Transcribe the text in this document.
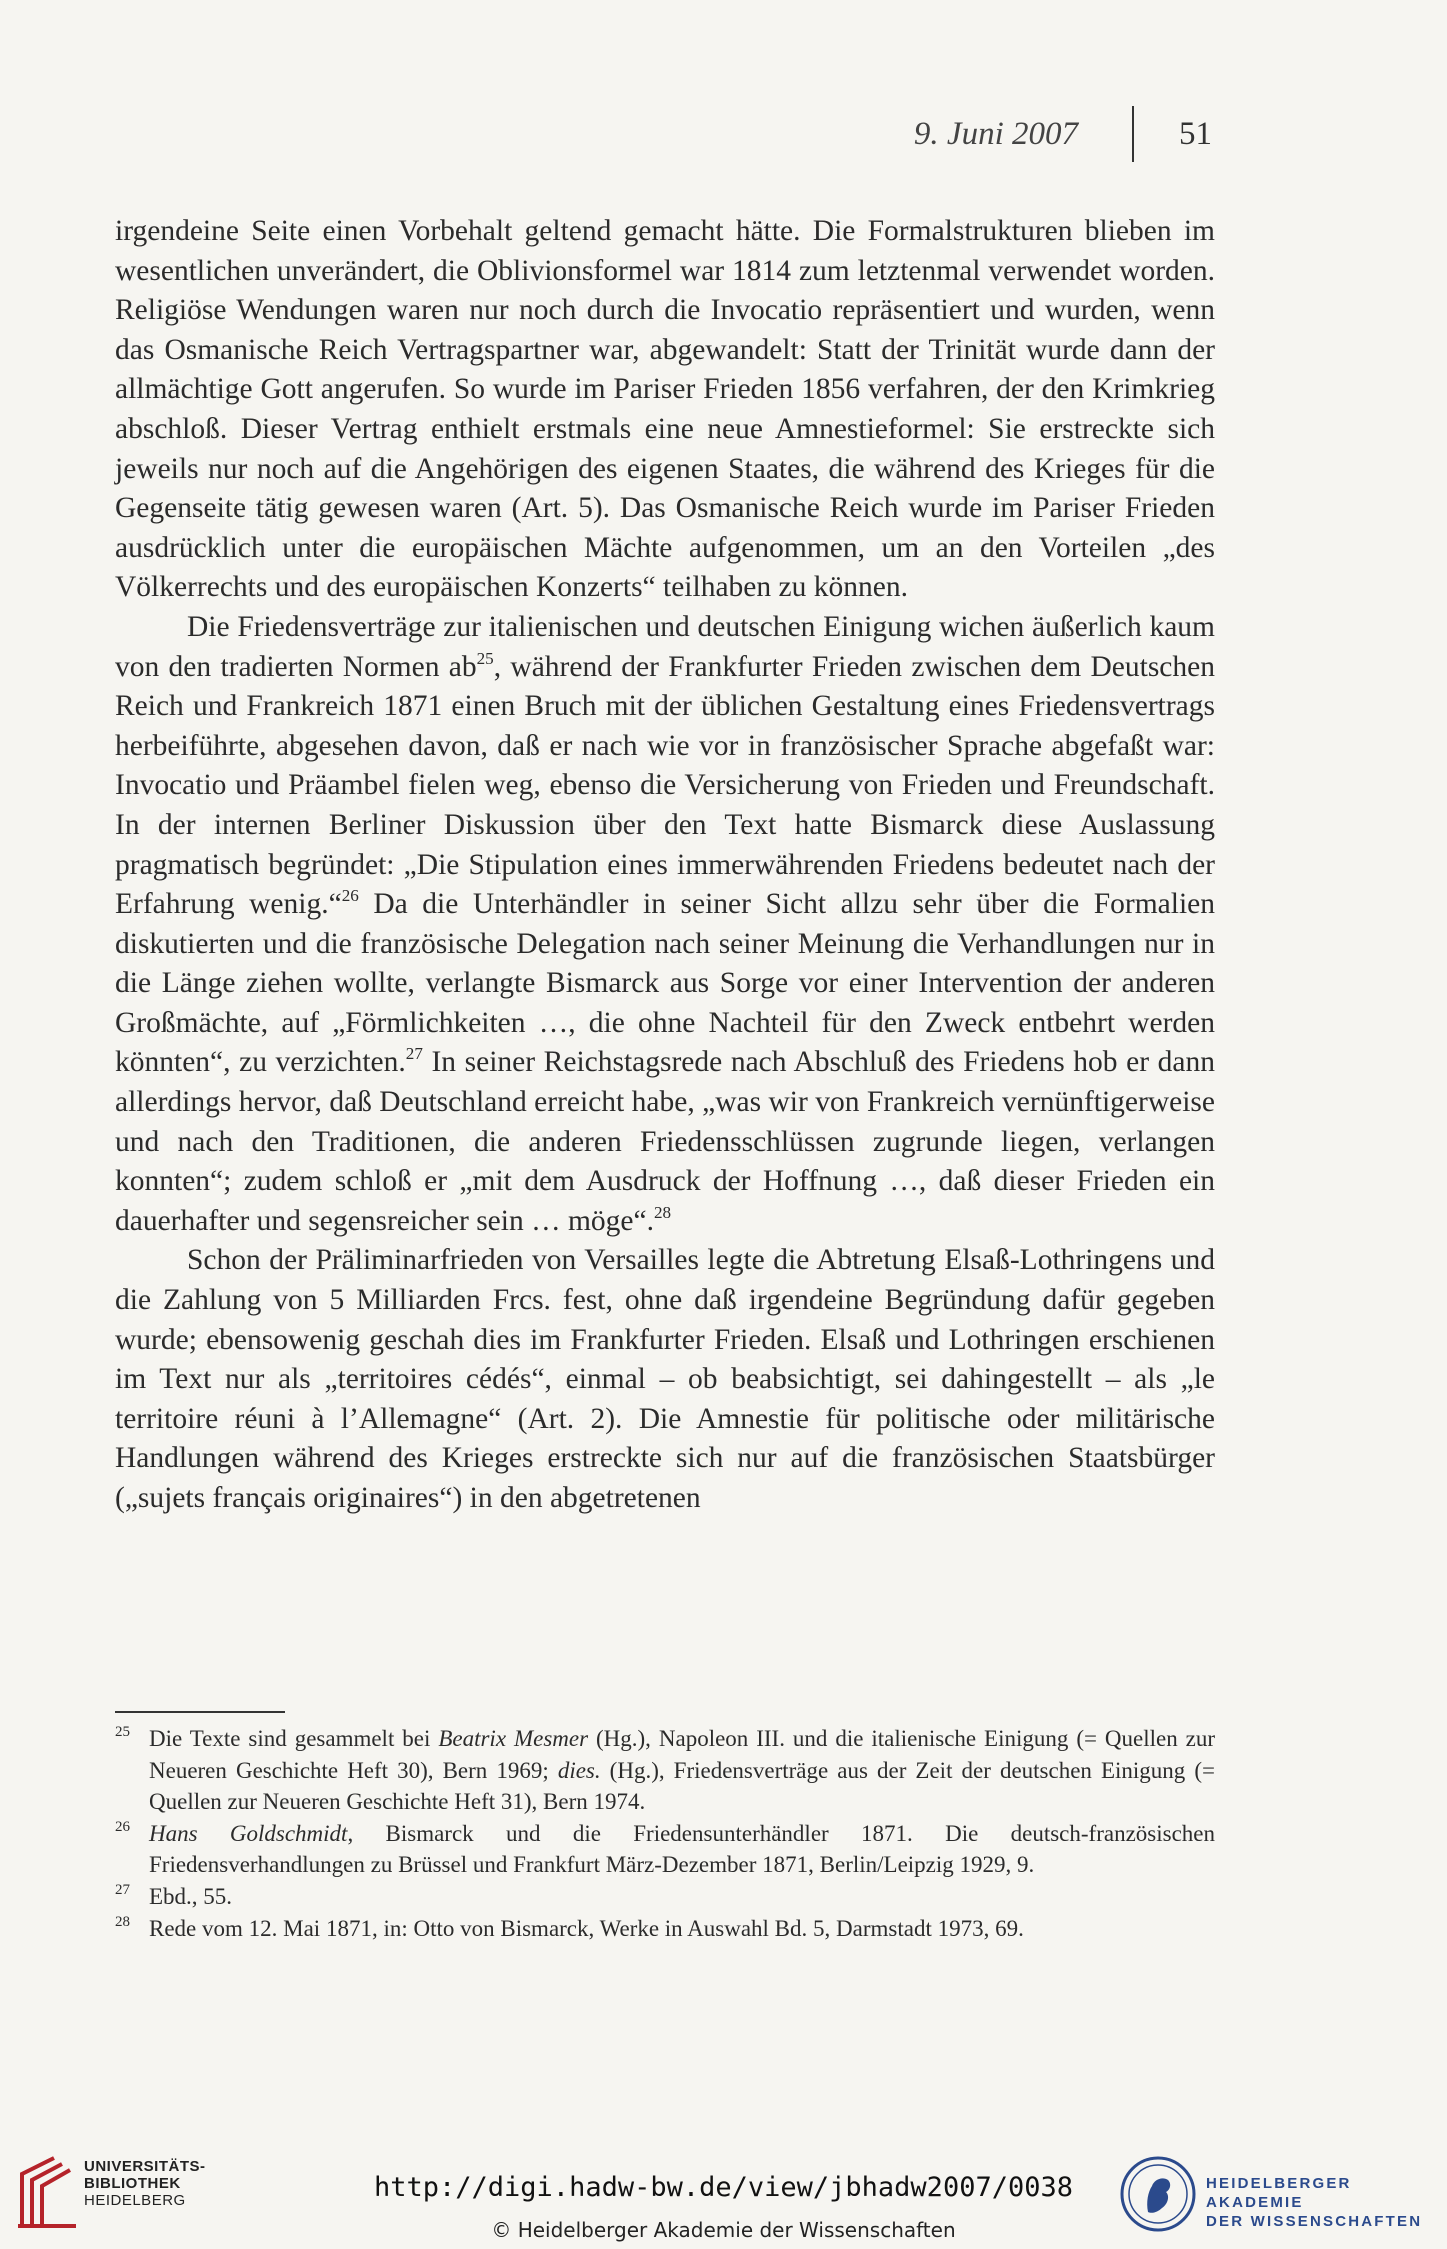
9. Juni 2007	51

irgendeine Seite einen Vorbehalt geltend gemacht hätte. Die Formalstrukturen blieben im wesentlichen unverändert, die Oblivionsformel war 1814 zum letztenmal verwendet worden. Religiöse Wendungen waren nur noch durch die Invocatio repräsentiert und wurden, wenn das Osmanische Reich Vertragspartner war, abgewandelt: Statt der Trinität wurde dann der allmächtige Gott angerufen. So wurde im Pariser Frieden 1856 verfahren, der den Krimkrieg abschloß. Dieser Vertrag enthielt erstmals eine neue Amnestieformel: Sie erstreckte sich jeweils nur noch auf die Angehörigen des eigenen Staates, die während des Krieges für die Gegenseite tätig gewesen waren (Art. 5). Das Osmanische Reich wurde im Pariser Frieden ausdrücklich unter die europäischen Mächte aufgenommen, um an den Vorteilen „des Völkerrechts und des europäischen Konzerts“ teilhaben zu können.

Die Friedensverträge zur italienischen und deutschen Einigung wichen äußerlich kaum von den tradierten Normen $ab^{25}$, während der Frankfurter Frieden zwischen dem Deutschen Reich und Frankreich 1871 einen Bruch mit der üblichen Gestaltung eines Friedensvertrags herbeiführte, abgesehen davon, daß er nach wie vor in französischer Sprache abgefaßt war: Invocatio und Präambel fielen weg, ebenso die Versicherung von Frieden und Freundschaft. In der internen Berliner Diskussion über den Text hatte Bismarck diese Auslassung pragmatisch begründet: „Die Stipulation eines immerwährenden Friedens bedeutet nach der Erfahrung wenig.“$^{26}$ Da die Unterhändler in seiner Sicht allzu sehr über die Formalien diskutierten und die französische Delegation nach seiner Meinung die Verhandlungen nur in die Länge ziehen wollte, verlangte Bismarck aus Sorge vor einer Intervention der anderen Großmächte, auf „Förmlichkeiten …, die ohne Nachteil für den Zweck entbehrt werden könnten“, zu verzichten.$^{27}$ In seiner Reichstagsrede nach Abschluß des Friedens hob er dann allerdings hervor, daß Deutschland erreicht habe, „was wir von Frankreich vernünftigerweise und nach den Traditionen, die anderen Friedensschlüssen zugrunde liegen, verlangen konnten“; zudem schloß er „mit dem Ausdruck der Hoffnung …, daß dieser Frieden ein dauerhafter und segensreicher sein … möge“.$^{28}$

Schon der Präliminarfrieden von Versailles legte die Abtretung Elsaß-Lothringens und die Zahlung von 5 Milliarden Frcs. fest, ohne daß irgendeine Begründung dafür gegeben wurde; ebensowenig geschah dies im Frankfurter Frieden. Elsaß und Lothringen erschienen im Text nur als „territoires cédés“, einmal – ob beabsichtigt, sei dahingestellt – als „le territoire réuni à l’Allemagne“ (Art. 2). Die Amnestie für politische oder militärische Handlungen während des Krieges erstreckte sich nur auf die französischen Staatsbürger („sujets français originaires“) in den abgetretenen

25 Die Texte sind gesammelt bei Beatrix Mesmer (Hg.), Napoleon III. und die italienische Einigung (= Quellen zur Neueren Geschichte Heft 30), Bern 1969; dies. (Hg.), Friedensverträge aus der Zeit der deutschen Einigung (= Quellen zur Neueren Geschichte Heft 31), Bern 1974.
26 Hans Goldschmidt, Bismarck und die Friedensunterhändler 1871. Die deutsch-französischen Friedensverhandlungen zu Brüssel und Frankfurt März-Dezember 1871, Berlin/Leipzig 1929, 9.
27 Ebd., 55.
28 Rede vom 12. Mai 1871, in: Otto von Bismarck, Werke in Auswahl Bd. 5, Darmstadt 1973, 69.
UNIVERSITÄTS-
BIBLIOTHEK
HEIDELBERG	http://digi.hadw-bw.de/view/jbhadw2007/0038
© Heidelberger Akademie der Wissenschaften
HEIDELBERGER AKADEMIE
DER WISSENSCHAFTEN
